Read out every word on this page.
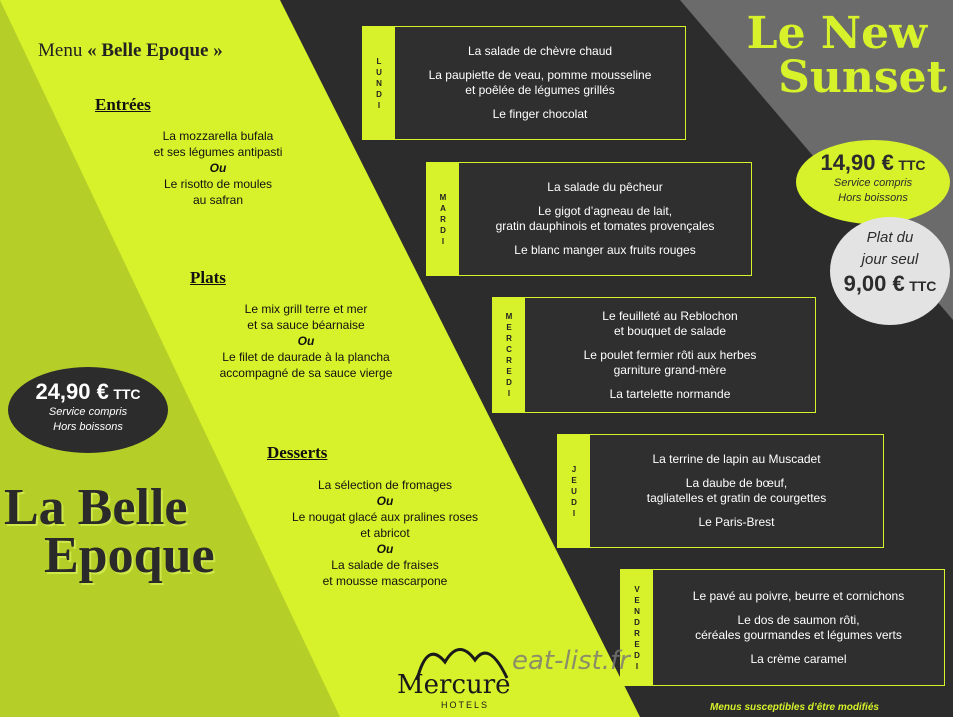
Menu « Belle Epoque »
Entrées
La mozzarella bufala
et ses légumes antipasti
Ou
Le risotto de moules
au safran
Plats
Le mix grill terre et mer
et sa sauce béarnaise
Ou
Le filet de daurade à la plancha
accompagné de sa sauce vierge
24,90 € TTC
Service compris
Hors boissons
Desserts
La sélection de fromages
Ou
Le nougat glacé aux pralines roses
et abricot
Ou
La salade de fraises
et mousse mascarpone
La Belle
Epoque
L
U
N
D
I
La salade de chèvre chaud
La paupiette de veau, pomme mousseline
et poêlée de légumes grillés
Le finger chocolat
M
A
R
D
I
La salade du pêcheur
Le gigot d’agneau de lait,
gratin dauphinois et tomates provençales
Le blanc manger aux fruits rouges
M
E
R
C
R
E
D
I
Le feuilleté au Reblochon
et bouquet de salade
Le poulet fermier rôti aux herbes
garniture grand-mère
La tartelette normande
J
E
U
D
I
La terrine de lapin au Muscadet
La daube de bœuf,
tagliatelles et gratin de courgettes
Le Paris-Brest
V
E
N
D
R
E
D
I
Le pavé au poivre, beurre et cornichons
Le dos de saumon rôti,
céréales gourmandes et légumes verts
La crème caramel
Le New
Sunset
14,90 € TTC
Service compris
Hors boissons
Plat du
jour seul
9,00 € TTC
Mercure
HOTELS
eat-list.fr
Menus susceptibles d’être modifiés
